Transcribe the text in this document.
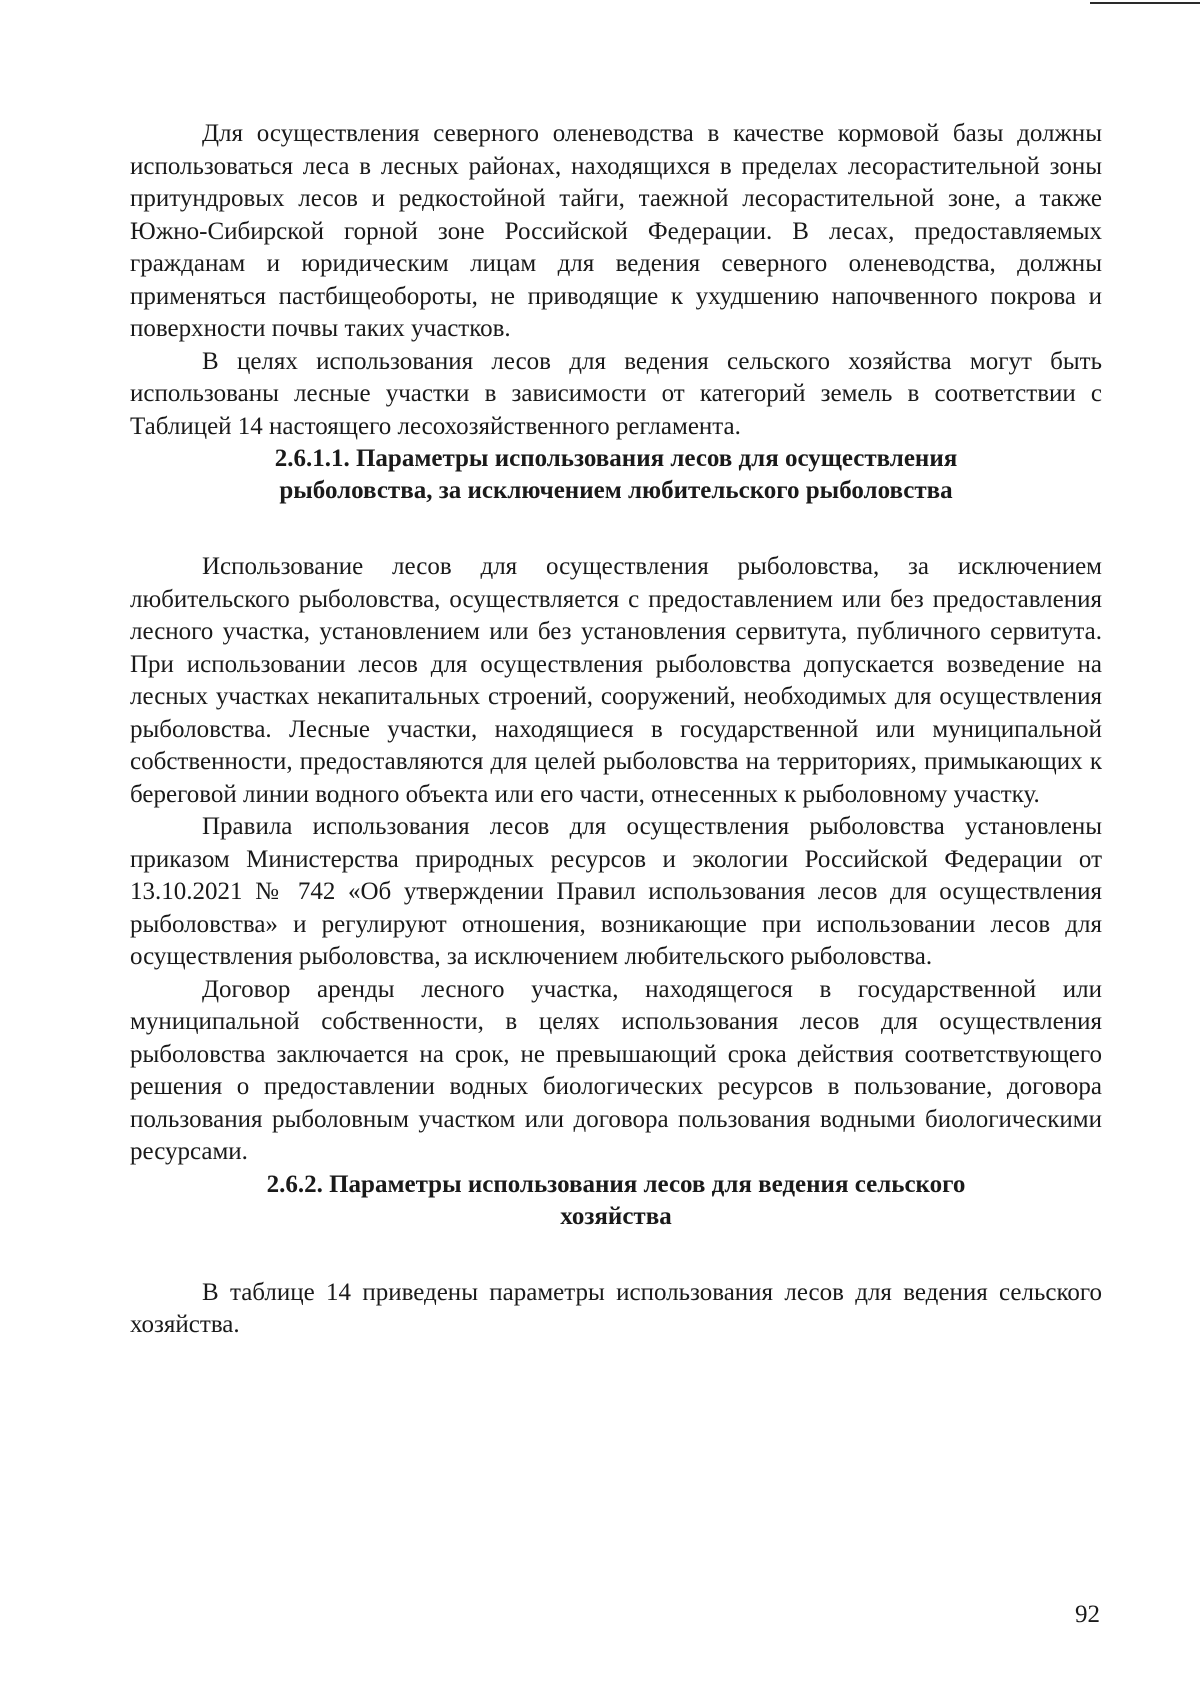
Для осуществления северного оленеводства в качестве кормовой базы должны использоваться леса в лесных районах, находящихся в пределах лесорастительной зоны притундровых лесов и редкостойной тайги, таежной лесорастительной зоне, а также Южно-Сибирской горной зоне Российской Федерации. В лесах, предоставляемых гражданам и юридическим лицам для ведения северного оленеводства, должны применяться пастбищеобороты, не приводящие к ухудшению напочвенного покрова и поверхности почвы таких участков.

В целях использования лесов для ведения сельского хозяйства могут быть использованы лесные участки в зависимости от категорий земель в соответствии с Таблицей 14 настоящего лесохозяйственного регламента.

2.6.1.1. Параметры использования лесов для осуществления
рыболовства, за исключением любительского рыболовства

Использование лесов для осуществления рыболовства, за исключением любительского рыболовства, осуществляется с предоставлением или без предоставления лесного участка, установлением или без установления сервитута, публичного сервитута. При использовании лесов для осуществления рыболовства допускается возведение на лесных участках некапитальных строений, сооружений, необходимых для осуществления рыболовства. Лесные участки, находящиеся в государственной или муниципальной собственности, предоставляются для целей рыболовства на территориях, примыкающих к береговой линии водного объекта или его части, отнесенных к рыболовному участку.

Правила использования лесов для осуществления рыболовства установлены приказом Министерства природных ресурсов и экологии Российской Федерации от 13.10.2021 № 742 «Об утверждении Правил использования лесов для осуществления рыболовства» и регулируют отношения, возникающие при использовании лесов для осуществления рыболовства, за исключением любительского рыболовства.

Договор аренды лесного участка, находящегося в государственной или муниципальной собственности, в целях использования лесов для осуществления рыболовства заключается на срок, не превышающий срока действия соответствующего решения о предоставлении водных биологических ресурсов в пользование, договора пользования рыболовным участком или договора пользования водными биологическими ресурсами.

2.6.2. Параметры использования лесов для ведения сельского
хозяйства

В таблице 14 приведены параметры использования лесов для ведения сельского хозяйства.

92
